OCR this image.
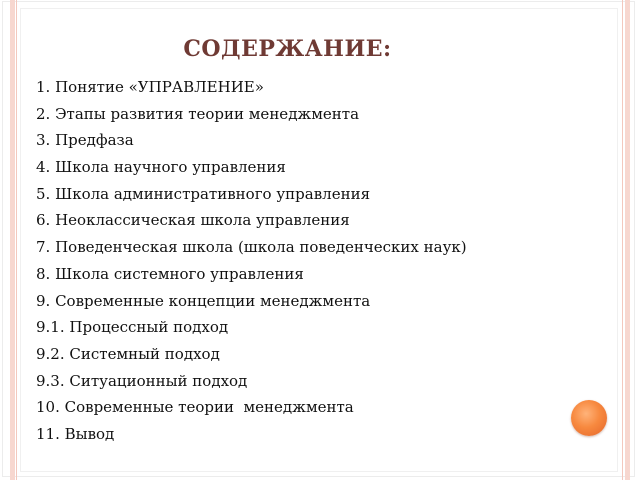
СОДЕРЖАНИЕ:
1. Понятие «УПРАВЛЕНИЕ»
2. Этапы развития теории менеджмента
3. Предфаза
4. Школа научного управления
5. Школа административного управления
6. Неоклассическая школа управления
7. Поведенческая школа (школа поведенческих наук)
8. Школа системного управления
9. Современные концепции менеджмента
9.1. Процессный подход
9.2. Системный подход
9.3. Ситуационный подход
10. Современные теории  менеджмента
11. Вывод
